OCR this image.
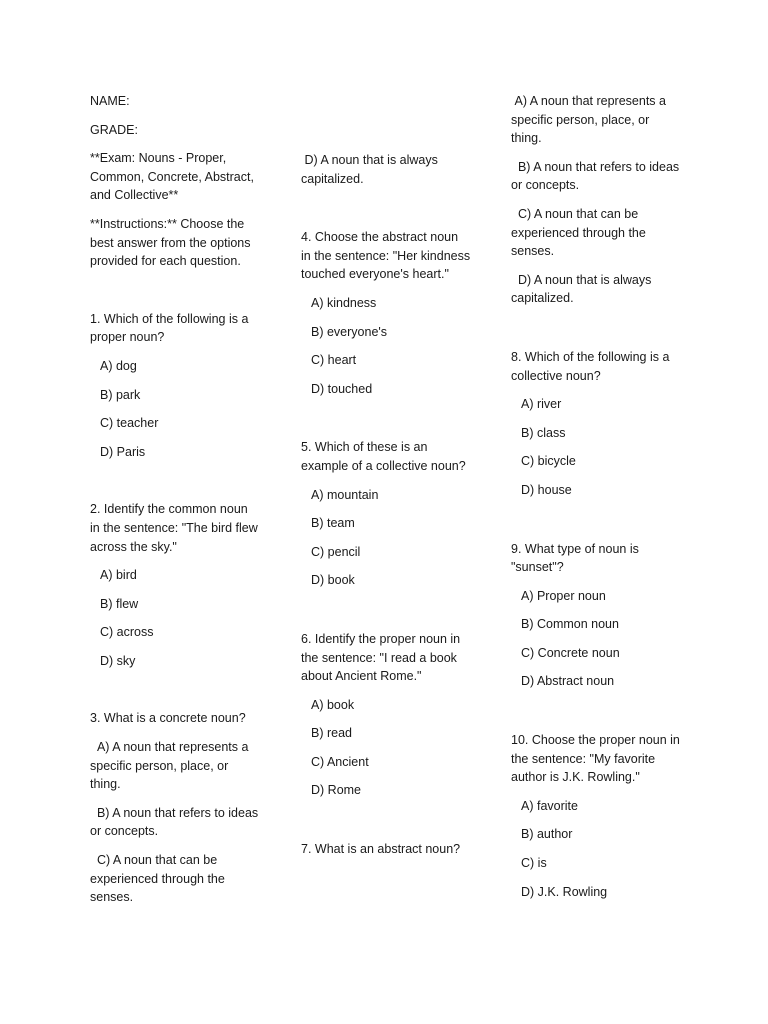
NAME:

GRADE:

**Exam: Nouns - Proper, Common, Concrete, Abstract, and Collective**

**Instructions:** Choose the best answer from the options provided for each question.

1. Which of the following is a proper noun?

A) dog

B) park

C) teacher

D) Paris

2. Identify the common noun in the sentence: "The bird flew across the sky."

A) bird

B) flew

C) across

D) sky

3. What is a concrete noun?

A) A noun that represents a specific person, place, or thing.

B) A noun that refers to ideas or concepts.

C) A noun that can be experienced through the senses.

D) A noun that is always capitalized.

4. Choose the abstract noun in the sentence: "Her kindness touched everyone's heart."

A) kindness

B) everyone's

C) heart

D) touched

5. Which of these is an example of a collective noun?

A) mountain

B) team

C) pencil

D) book

6. Identify the proper noun in the sentence: "I read a book about Ancient Rome."

A) book

B) read

C) Ancient

D) Rome

7. What is an abstract noun?

A) A noun that represents a specific person, place, or thing.

B) A noun that refers to ideas or concepts.

C) A noun that can be experienced through the senses.

D) A noun that is always capitalized.

8. Which of the following is a collective noun?

A) river

B) class

C) bicycle

D) house

9. What type of noun is "sunset"?

A) Proper noun

B) Common noun

C) Concrete noun

D) Abstract noun

10. Choose the proper noun in the sentence: "My favorite author is J.K. Rowling."

A) favorite

B) author

C) is

D) J.K. Rowling
